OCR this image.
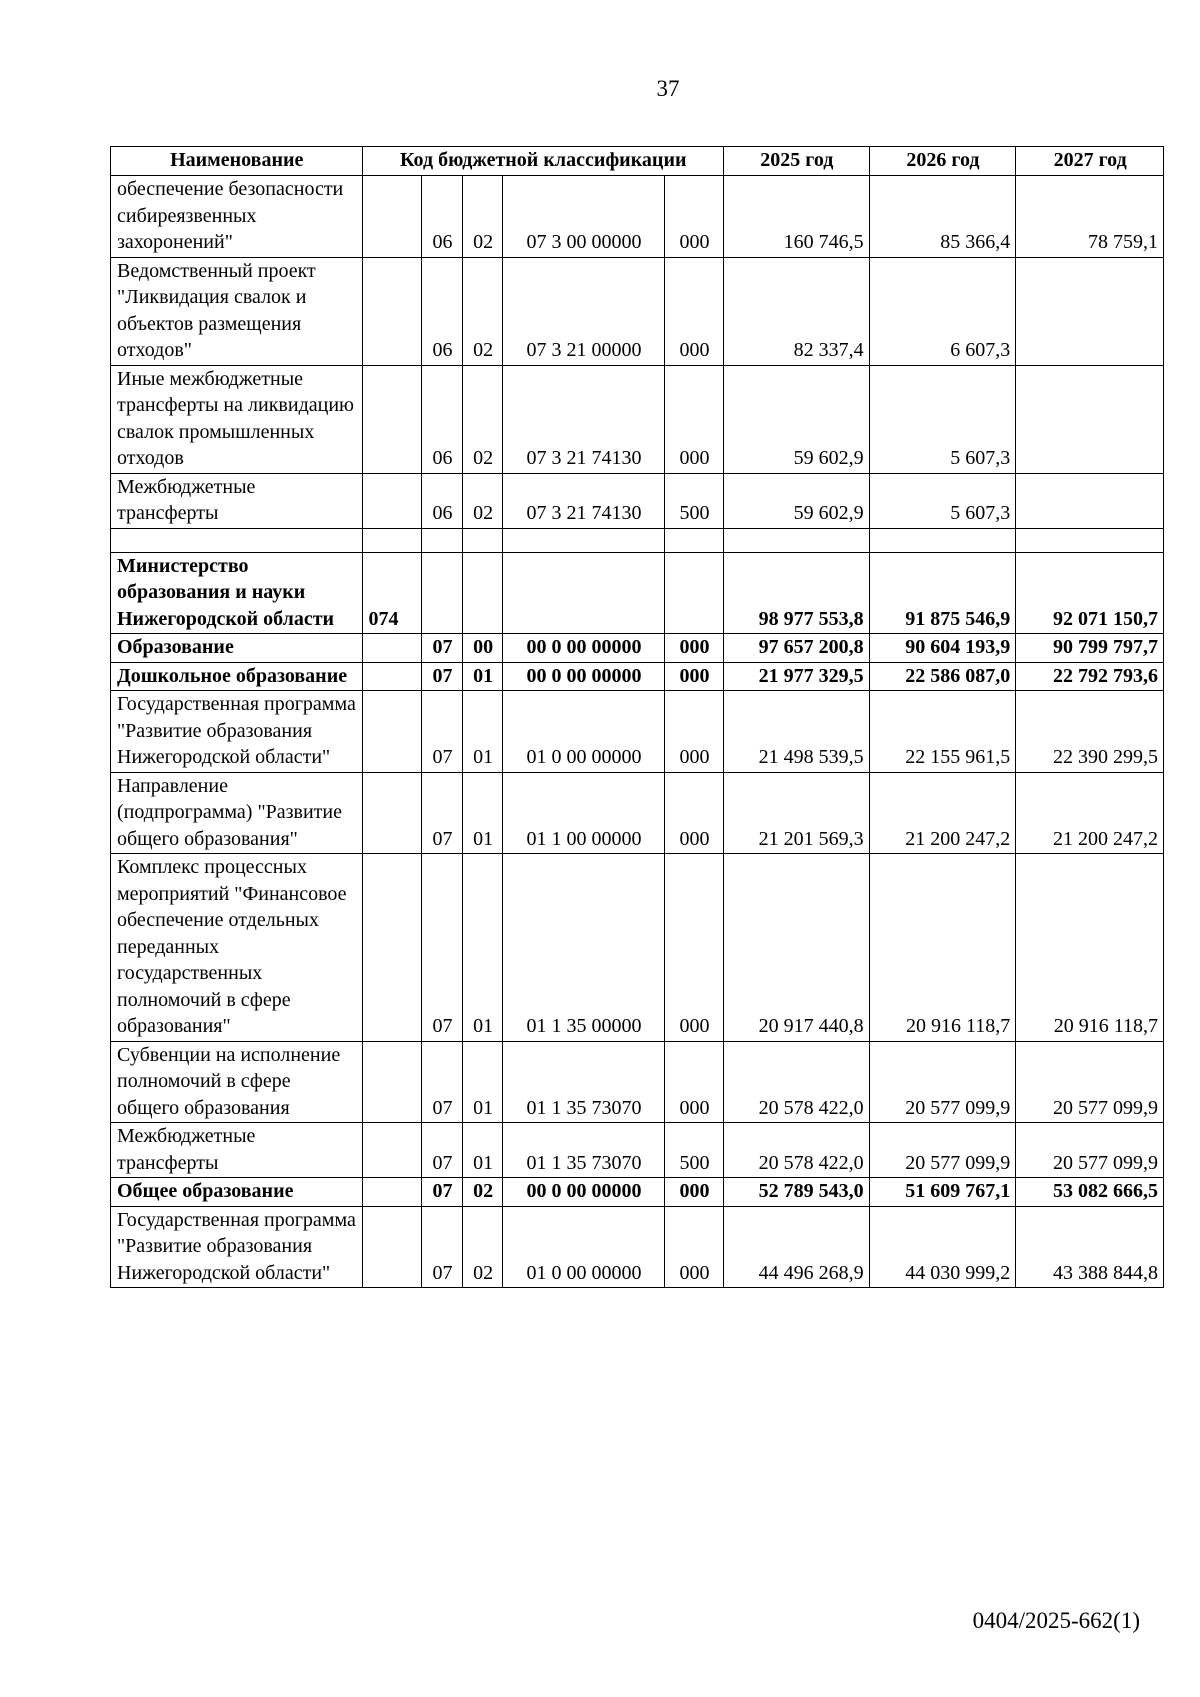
37
Наименование	Код бюджетной классификации					2025 год	2026 год	2027 год
обеспечение безопасности сибиреязвенных захоронений"		06	02	07 3 00 00000	000	160 746,5	85 366,4	78 759,1
Ведомственный проект "Ликвидация свалок и объектов размещения отходов"		06	02	07 3 21 00000	000	82 337,4	6 607,3	
Иные межбюджетные трансферты на ликвидацию свалок промышленных отходов		06	02	07 3 21 74130	000	59 602,9	5 607,3	
Межбюджетные трансферты		06	02	07 3 21 74130	500	59 602,9	5 607,3	

Министерство образования и науки Нижегородской области	074					98 977 553,8	91 875 546,9	92 071 150,7
Образование		07	00	00 0 00 00000	000	97 657 200,8	90 604 193,9	90 799 797,7
Дошкольное образование		07	01	00 0 00 00000	000	21 977 329,5	22 586 087,0	22 792 793,6
Государственная программа "Развитие образования Нижегородской области"		07	01	01 0 00 00000	000	21 498 539,5	22 155 961,5	22 390 299,5
Направление (подпрограмма) "Развитие общего образования"		07	01	01 1 00 00000	000	21 201 569,3	21 200 247,2	21 200 247,2
Комплекс процессных мероприятий "Финансовое обеспечение отдельных переданных государственных полномочий в сфере образования"		07	01	01 1 35 00000	000	20 917 440,8	20 916 118,7	20 916 118,7
Субвенции на исполнение полномочий в сфере общего образования		07	01	01 1 35 73070	000	20 578 422,0	20 577 099,9	20 577 099,9
Межбюджетные трансферты		07	01	01 1 35 73070	500	20 578 422,0	20 577 099,9	20 577 099,9
Общее образование		07	02	00 0 00 00000	000	52 789 543,0	51 609 767,1	53 082 666,5
Государственная программа "Развитие образования Нижегородской области"		07	02	01 0 00 00000	000	44 496 268,9	44 030 999,2	43 388 844,8
0404/2025-662(1)
